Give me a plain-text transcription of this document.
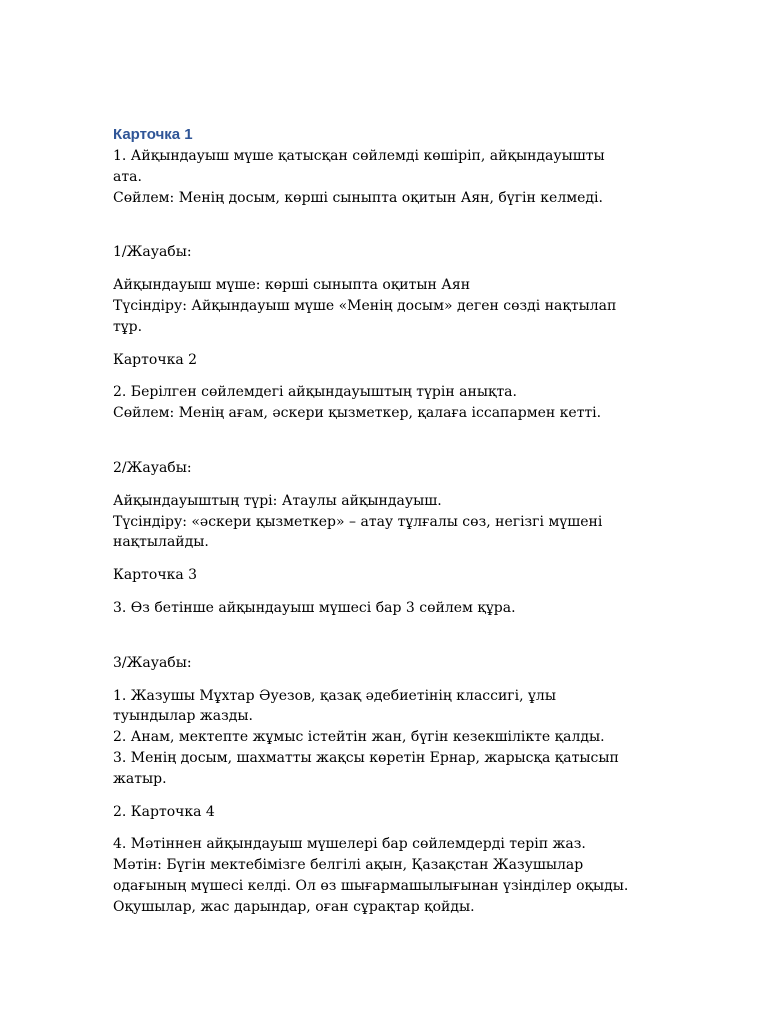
Карточка 1

1. Айқындауыш мүше қатысқан сөйлемді көшіріп, айқындауышты
ата.
Сөйлем: Менің досым, көрші сыныпта оқитын Аян, бүгін келмеді.

1/Жауабы:

Айқындауыш мүше: көрші сыныпта оқитын Аян
Түсіндіру: Айқындауыш мүше «Менің досым» деген сөзді нақтылап
тұр.

Карточка 2

2. Берілген сөйлемдегі айқындауыштың түрін анықта.
Сөйлем: Менің ағам, әскери қызметкер, қалаға іссапармен кетті.

2/Жауабы:

Айқындауыштың түрі: Атаулы айқындауыш.
Түсіндіру: «әскери қызметкер» – атау тұлғалы сөз, негізгі мүшені
нақтылайды.

Карточка 3

3. Өз бетінше айқындауыш мүшесі бар 3 сөйлем құра.

3/Жауабы:

1. Жазушы Мұхтар Әуезов, қазақ әдебиетінің классигі, ұлы
туындылар жазды.
2. Анам, мектепте жұмыс істейтін жан, бүгін кезекшілікте қалды.
3. Менің досым, шахматты жақсы көретін Ернар, жарысқа қатысып
жатыр.

2. Карточка 4

4. Мәтіннен айқындауыш мүшелері бар сөйлемдерді теріп жаз.
Мәтін: Бүгін мектебімізге белгілі ақын, Қазақстан Жазушылар
одағының мүшесі келді. Ол өз шығармашылығынан үзінділер оқыды.
Оқушылар, жас дарындар, оған сұрақтар қойды.
